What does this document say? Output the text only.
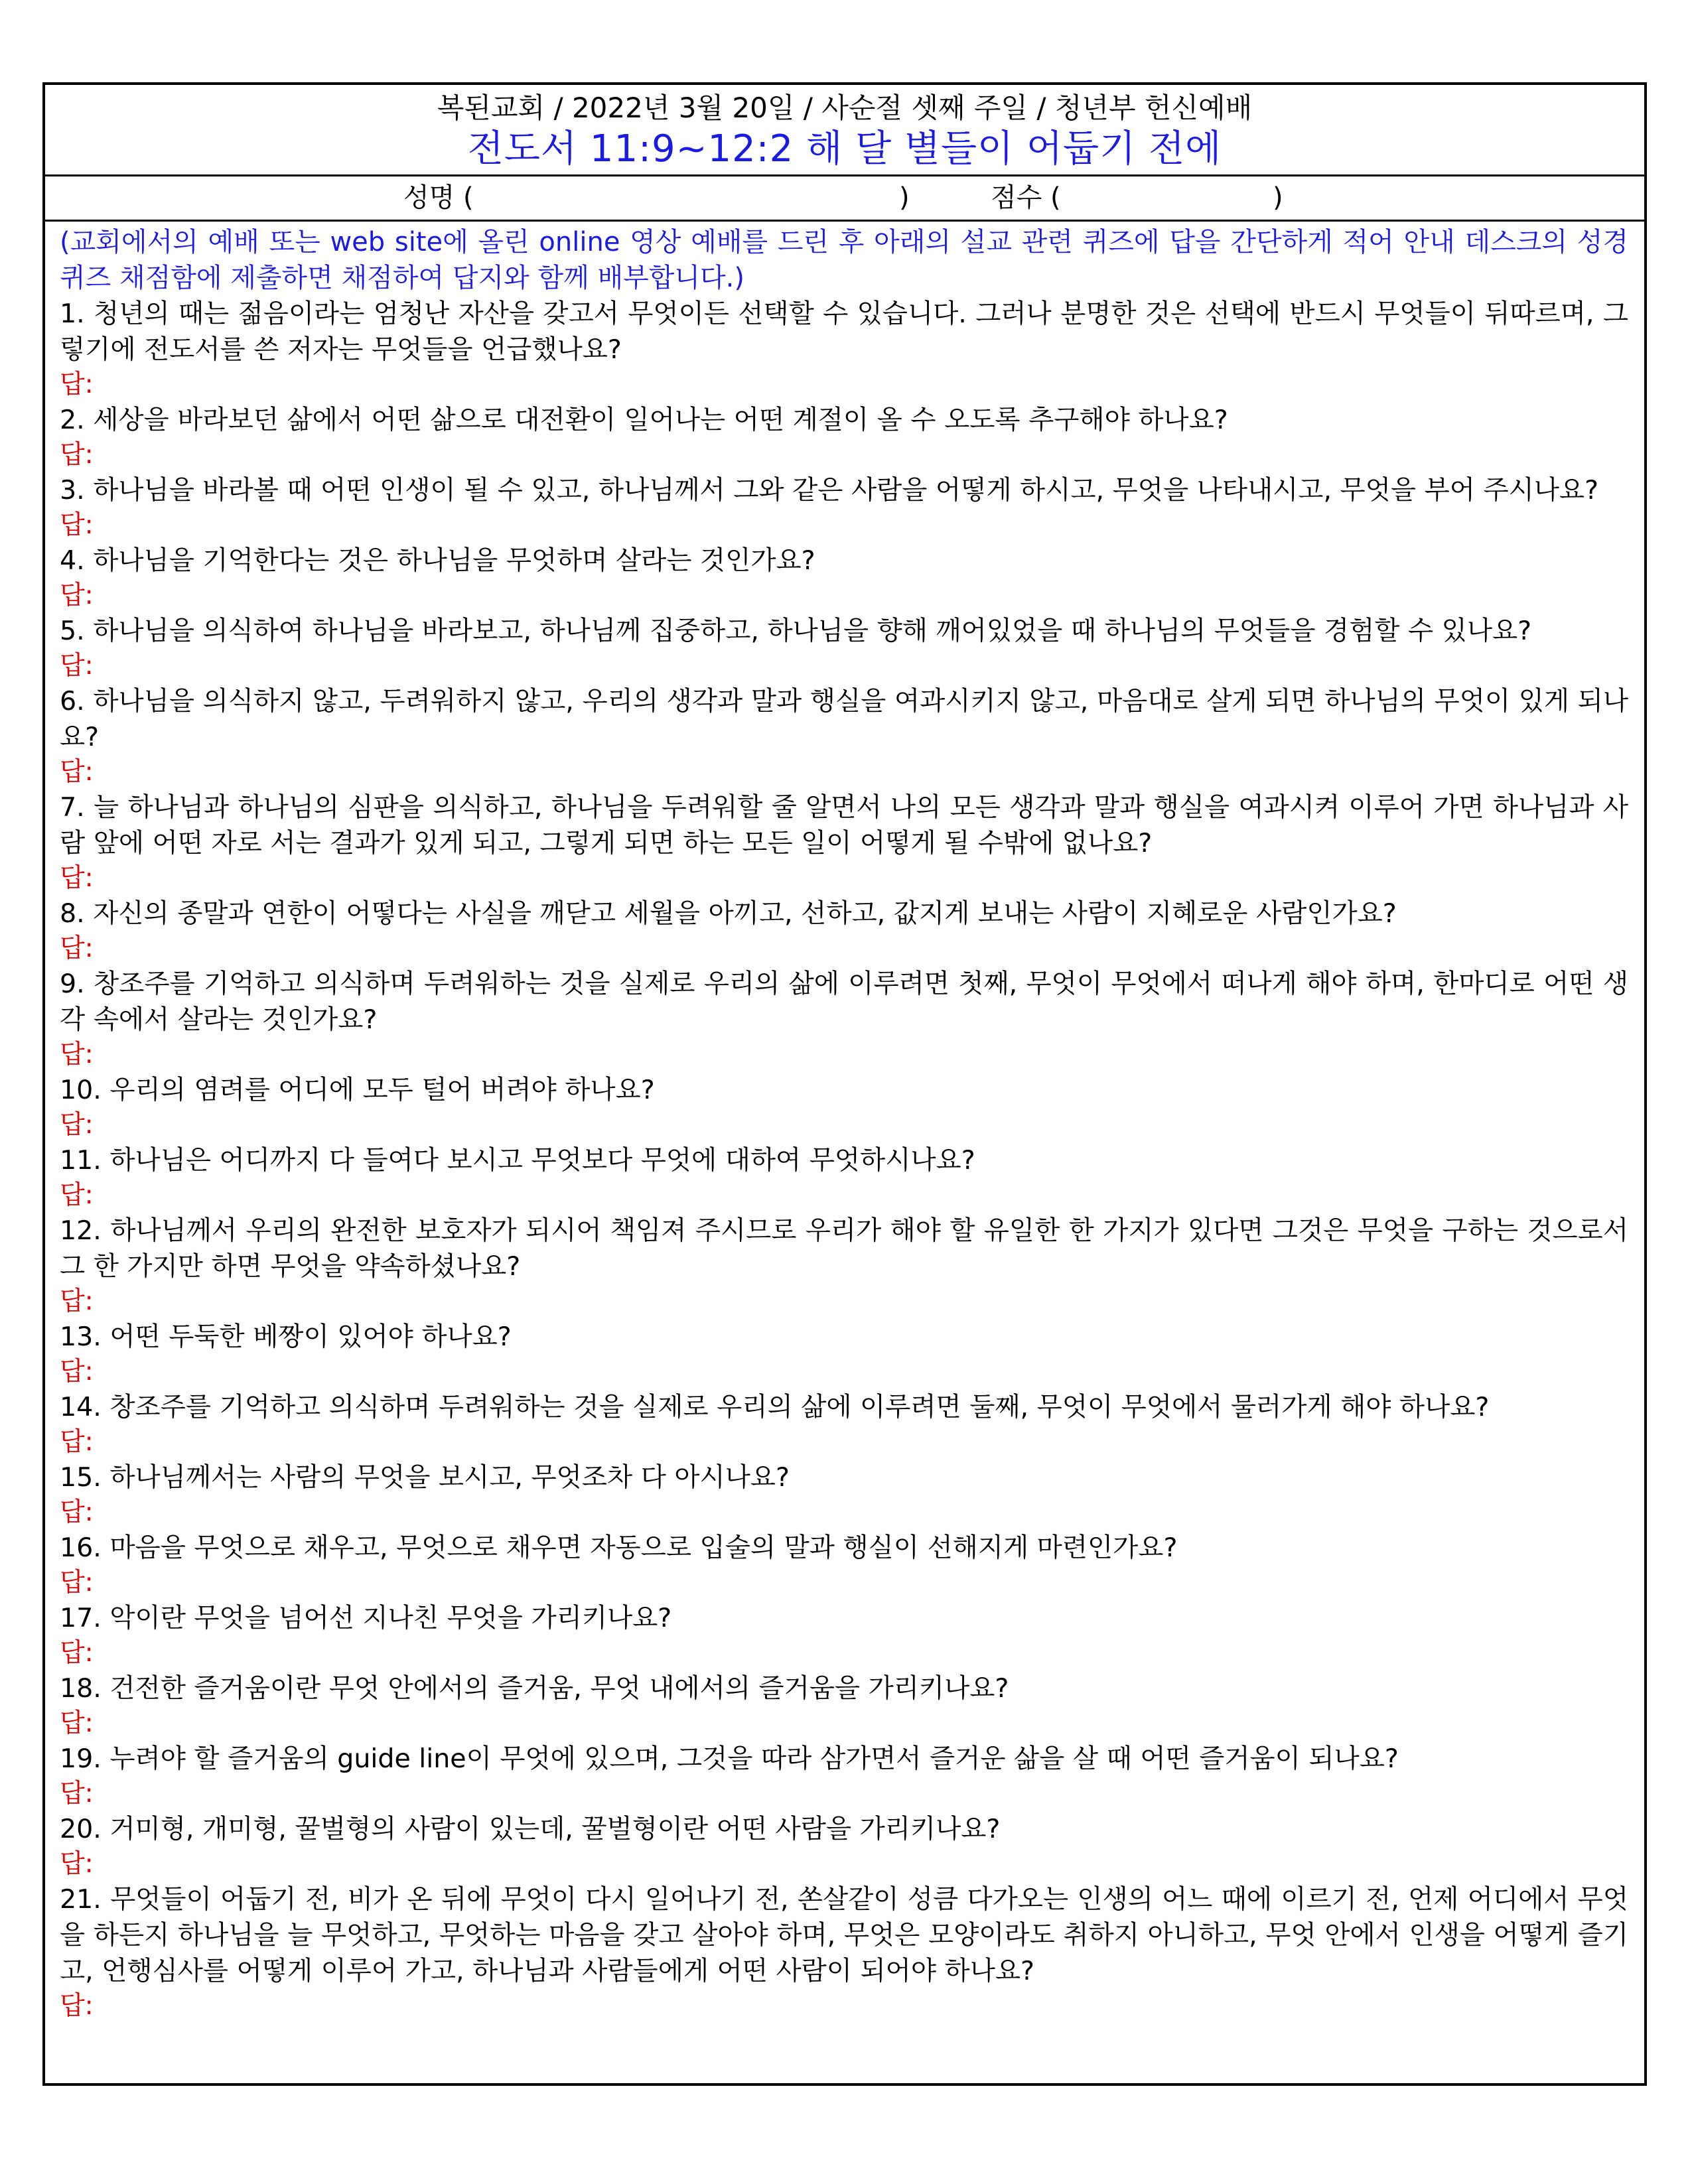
복된교회 / 2022년 3월 20일 / 사순절 셋째 주일 / 청년부 헌신예배
전도서 11:9~12:2 해 달 별들이 어둡기 전에
성명 (	)	점수 (	)
(교회에서의 예배 또는 web site에 올린 online 영상 예배를 드린 후 아래의 설교 관련 퀴즈에 답을 간단하게 적어 안내 데스크의 성경 퀴즈 채점함에 제출하면 채점하여 답지와 함께 배부합니다.)
1. 청년의 때는 젊음이라는 엄청난 자산을 갖고서 무엇이든 선택할 수 있습니다. 그러나 분명한 것은 선택에 반드시 무엇들이 뒤따르며, 그렇기에 전도서를 쓴 저자는 무엇들을 언급했나요?
답:
2. 세상을 바라보던 삶에서 어떤 삶으로 대전환이 일어나는 어떤 계절이 올 수 오도록 추구해야 하나요?
답:
3. 하나님을 바라볼 때 어떤 인생이 될 수 있고, 하나님께서 그와 같은 사람을 어떻게 하시고, 무엇을 나타내시고, 무엇을 부어 주시나요?
답:
4. 하나님을 기억한다는 것은 하나님을 무엇하며 살라는 것인가요?
답:
5. 하나님을 의식하여 하나님을 바라보고, 하나님께 집중하고, 하나님을 향해 깨어있었을 때 하나님의 무엇들을 경험할 수 있나요?
답:
6. 하나님을 의식하지 않고, 두려워하지 않고, 우리의 생각과 말과 행실을 여과시키지 않고, 마음대로 살게 되면 하나님의 무엇이 있게 되나요?
답:
7. 늘 하나님과 하나님의 심판을 의식하고, 하나님을 두려워할 줄 알면서 나의 모든 생각과 말과 행실을 여과시켜 이루어 가면 하나님과 사람 앞에 어떤 자로 서는 결과가 있게 되고, 그렇게 되면 하는 모든 일이 어떻게 될 수밖에 없나요?
답:
8. 자신의 종말과 연한이 어떻다는 사실을 깨닫고 세월을 아끼고, 선하고, 값지게 보내는 사람이 지혜로운 사람인가요?
답:
9. 창조주를 기억하고 의식하며 두려워하는 것을 실제로 우리의 삶에 이루려면 첫째, 무엇이 무엇에서 떠나게 해야 하며, 한마디로 어떤 생각 속에서 살라는 것인가요?
답:
10. 우리의 염려를 어디에 모두 털어 버려야 하나요?
답:
11. 하나님은 어디까지 다 들여다 보시고 무엇보다 무엇에 대하여 무엇하시나요?
답:
12. 하나님께서 우리의 완전한 보호자가 되시어 책임져 주시므로 우리가 해야 할 유일한 한 가지가 있다면 그것은 무엇을 구하는 것으로서 그 한 가지만 하면 무엇을 약속하셨나요?
답:
13. 어떤 두둑한 베짱이 있어야 하나요?
답:
14. 창조주를 기억하고 의식하며 두려워하는 것을 실제로 우리의 삶에 이루려면 둘째, 무엇이 무엇에서 물러가게 해야 하나요?
답:
15. 하나님께서는 사람의 무엇을 보시고, 무엇조차 다 아시나요?
답:
16. 마음을 무엇으로 채우고, 무엇으로 채우면 자동으로 입술의 말과 행실이 선해지게 마련인가요?
답:
17. 악이란 무엇을 넘어선 지나친 무엇을 가리키나요?
답:
18. 건전한 즐거움이란 무엇 안에서의 즐거움, 무엇 내에서의 즐거움을 가리키나요?
답:
19. 누려야 할 즐거움의 guide line이 무엇에 있으며, 그것을 따라 삼가면서 즐거운 삶을 살 때 어떤 즐거움이 되나요?
답:
20. 거미형, 개미형, 꿀벌형의 사람이 있는데, 꿀벌형이란 어떤 사람을 가리키나요?
답:
21. 무엇들이 어둡기 전, 비가 온 뒤에 무엇이 다시 일어나기 전, 쏜살같이 성큼 다가오는 인생의 어느 때에 이르기 전, 언제 어디에서 무엇을 하든지 하나님을 늘 무엇하고, 무엇하는 마음을 갖고 살아야 하며, 무엇은 모양이라도 취하지 아니하고, 무엇 안에서 인생을 어떻게 즐기고, 언행심사를 어떻게 이루어 가고, 하나님과 사람들에게 어떤 사람이 되어야 하나요?
답:
